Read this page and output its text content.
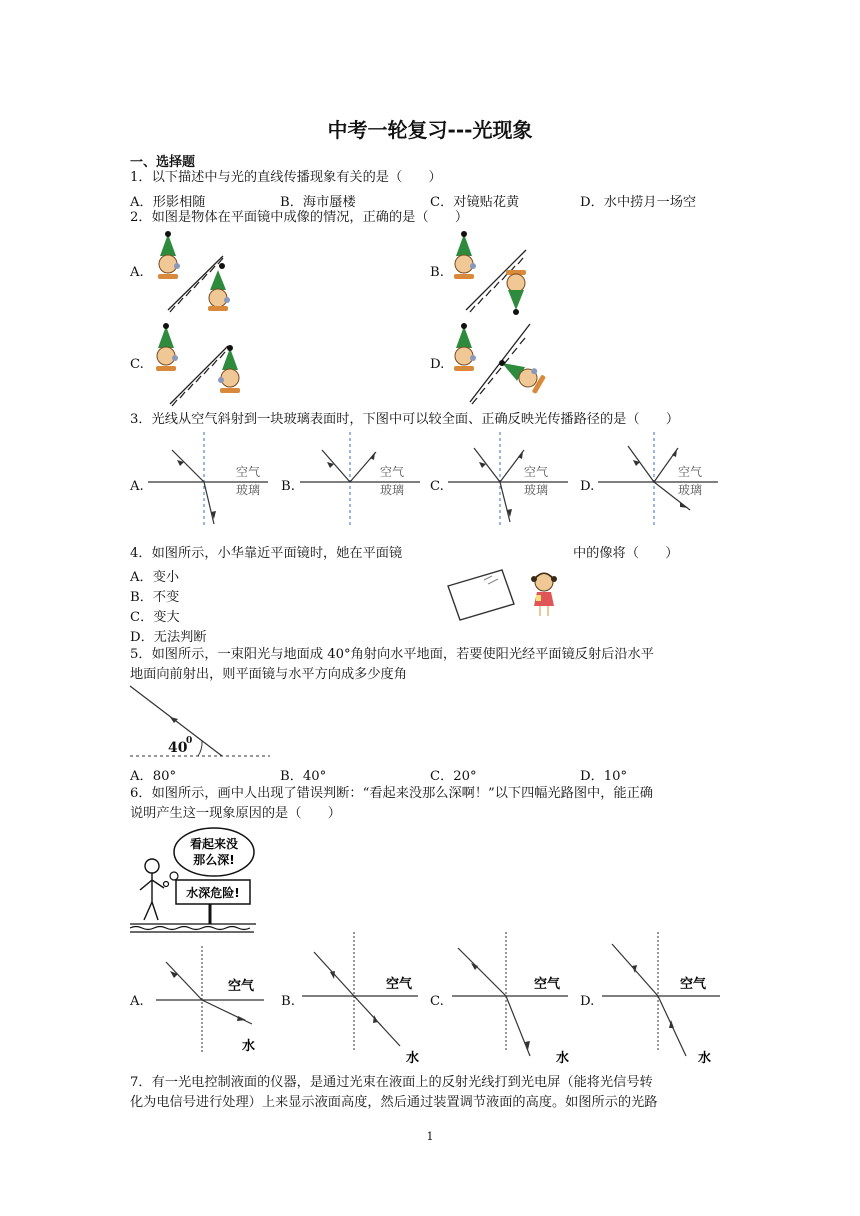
中考一轮复习---光现象
一、选择题
1．以下描述中与光的直线传播现象有关的是（　　）
A．形影相随	B．海市蜃楼	C．对镜贴花黄	D．水中捞月一场空
2．如图是物体在平面镜中成像的情况，正确的是（　　）
A.	B.
C.	D.
3．光线从空气斜射到一块玻璃表面时，下图中可以较全面、正确反映光传播路径的是（　　）
A.	B.	C.	D.
空气
玻璃
空气
玻璃
空气
玻璃
空气
玻璃
4．如图所示，小华靠近平面镜时，她在平面镜	中的像将（　　）
A．变小
B．不变
C．变大
D．无法判断
5．如图所示，一束阳光与地面成 40°角射向水平地面，若要使阳光经平面镜反射后沿水平
地面向前射出，则平面镜与水平方向成多少度角
40
0
A．80°	B．40°	C．20°	D．10°
6．如图所示，画中人出现了错误判断：“看起来没那么深啊！”以下四幅光路图中，能正确
说明产生这一现象原因的是（　　）
看起来没
那么深!
水深危险!
A.	B.	C.	D.
空气
水
空气
水
空气
水
空气
水
7．有一光电控制液面的仪器，是通过光束在液面上的反射光线打到光电屏（能将光信号转
化为电信号进行处理）上来显示液面高度，然后通过装置调节液面的高度。如图所示的光路
1
